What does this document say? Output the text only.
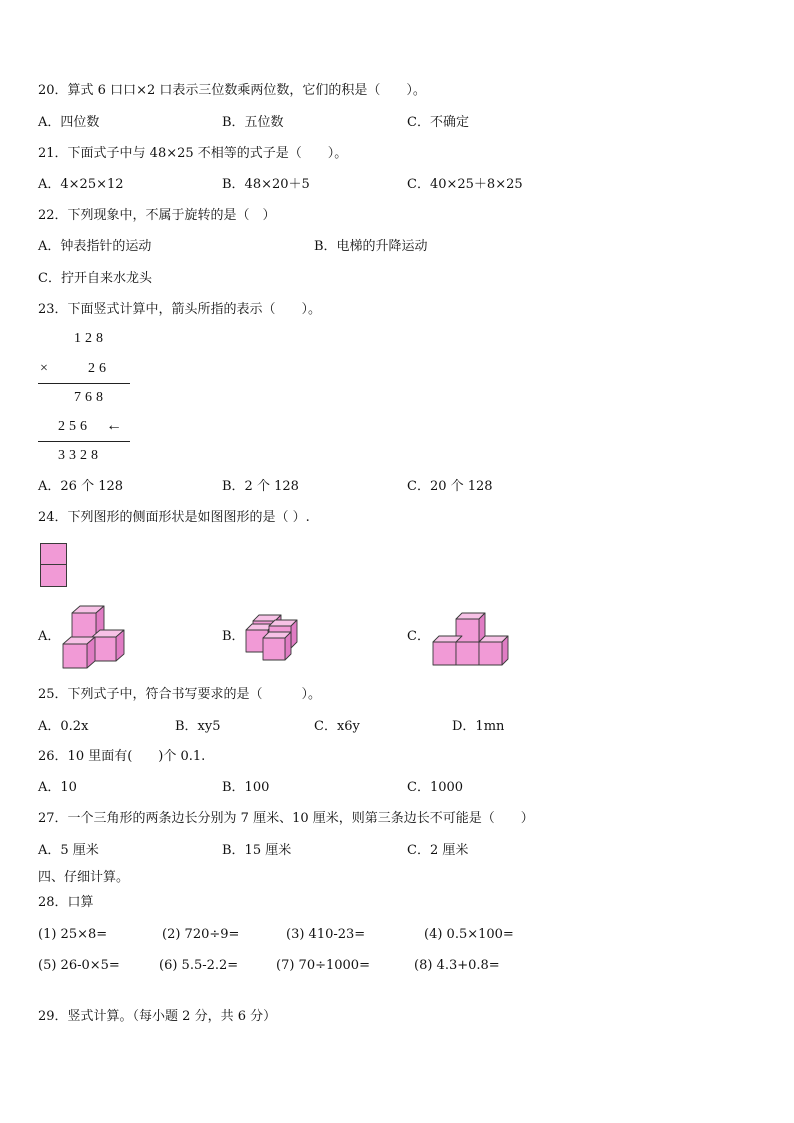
20．算式 6 口口×2 口表示三位数乘两位数，它们的积是（　　）。
A．四位数	B．五位数	C．不确定
21．下面式子中与 48×25 不相等的式子是（　　）。
A．4×25×12	B．48×20＋5	C．40×25＋8×25
22．下列现象中，不属于旋转的是（　）
A．钟表指针的运动	B．电梯的升降运动
C．拧开自来水龙头
23．下面竖式计算中，箭头所指的表示（　　）。
128
×	26
768
256 ←
3328
A．26 个 128	B．2 个 128	C．20 个 128
24．下列图形的侧面形状是如图图形的是（ ）.
A．	B．	C．
25．下列式子中，符合书写要求的是（　　　）。
A．0.2x	B．xy5	C．x6y	D．1mn
26．10 里面有(　　)个 0.1.
A．10	B．100	C．1000
27．一个三角形的两条边长分别为 7 厘米、10 厘米，则第三条边长不可能是（　　）
A．5 厘米	B．15 厘米	C．2 厘米
四、仔细计算。
28．口算
(1) 25×8=	(2) 720÷9=	(3) 410-23=	(4) 0.5×100=
(5) 26-0×5=	(6) 5.5-2.2=	(7) 70÷1000=	(8) 4.3+0.8=
29．竖式计算。（每小题 2 分，共 6 分）
